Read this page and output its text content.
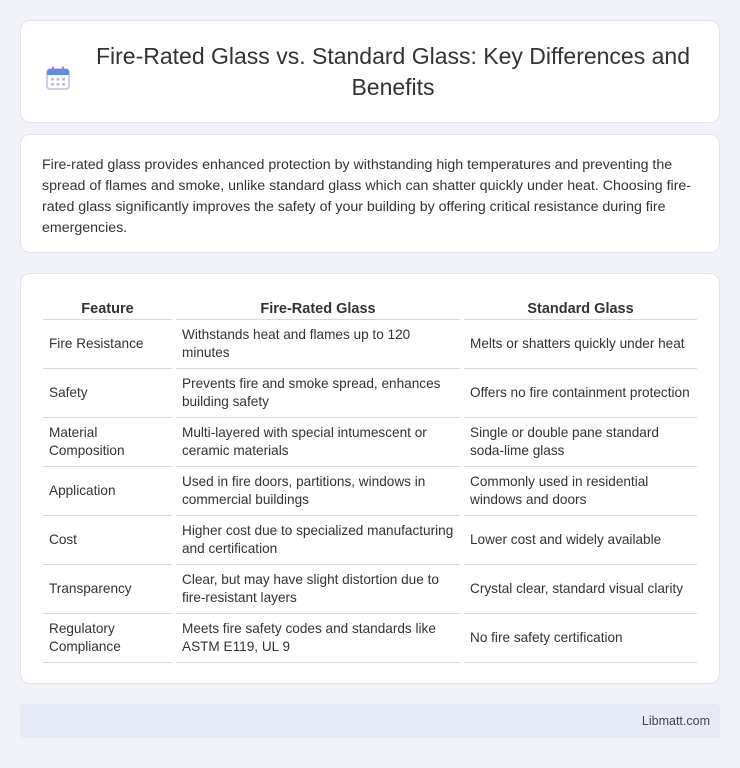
Fire-Rated Glass vs. Standard Glass: Key Differences and Benefits

Fire-rated glass provides enhanced protection by withstanding high temperatures and preventing the spread of flames and smoke, unlike standard glass which can shatter quickly under heat. Choosing fire-rated glass significantly improves the safety of your building by offering critical resistance during fire emergencies.

Feature	Fire-Rated Glass	Standard Glass
Fire Resistance	Withstands heat and flames up to 120 minutes	Melts or shatters quickly under heat
Safety	Prevents fire and smoke spread, enhances building safety	Offers no fire containment protection
Material Composition	Multi-layered with special intumescent or ceramic materials	Single or double pane standard soda-lime glass
Application	Used in fire doors, partitions, windows in commercial buildings	Commonly used in residential windows and doors
Cost	Higher cost due to specialized manufacturing and certification	Lower cost and widely available
Transparency	Clear, but may have slight distortion due to fire-resistant layers	Crystal clear, standard visual clarity
Regulatory Compliance	Meets fire safety codes and standards like ASTM E119, UL 9	No fire safety certification
Libmatt.com
